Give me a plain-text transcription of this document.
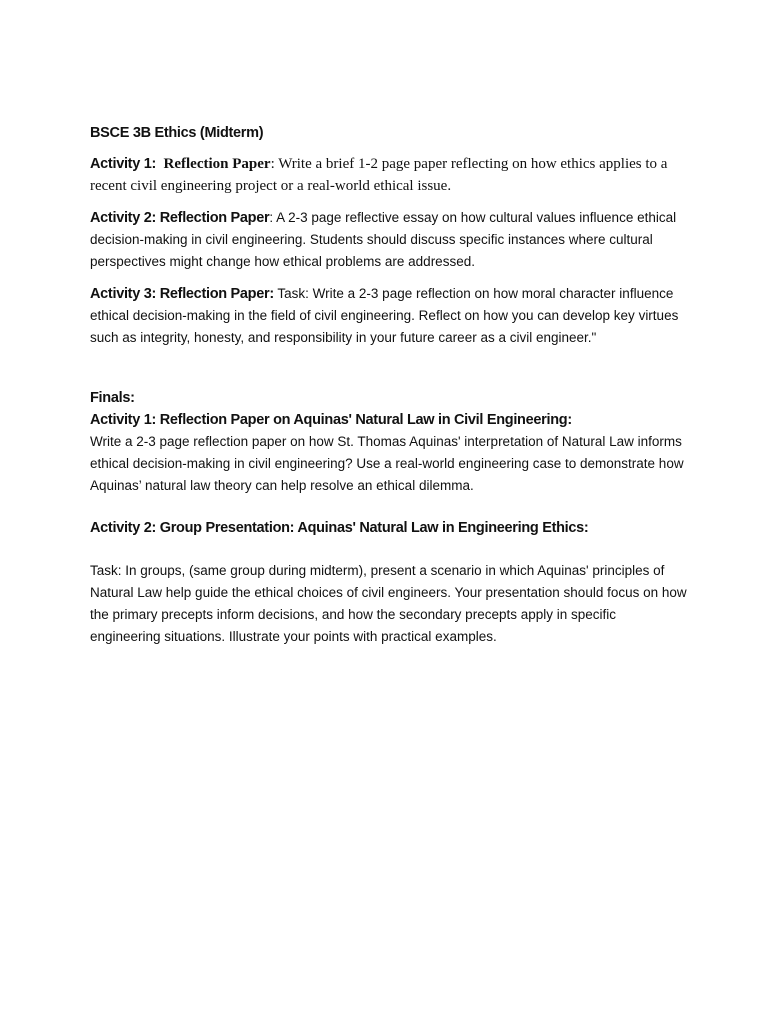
BSCE 3B Ethics (Midterm)

Activity 1: Reflection Paper: Write a brief 1-2 page paper reflecting on how ethics applies to a recent civil engineering project or a real-world ethical issue.

Activity 2: Reflection Paper: A 2-3 page reflective essay on how cultural values influence ethical decision-making in civil engineering. Students should discuss specific instances where cultural perspectives might change how ethical problems are addressed.

Activity 3: Reflection Paper: Task: Write a 2-3 page reflection on how moral character influence ethical decision-making in the field of civil engineering. Reflect on how you can develop key virtues such as integrity, honesty, and responsibility in your future career as a civil engineer."

Finals:

Activity 1: Reflection Paper on Aquinas' Natural Law in Civil Engineering:

Write a 2-3 page reflection paper on how St. Thomas Aquinas' interpretation of Natural Law informs ethical decision-making in civil engineering? Use a real-world engineering case to demonstrate how Aquinas’ natural law theory can help resolve an ethical dilemma.

Activity 2: Group Presentation: Aquinas' Natural Law in Engineering Ethics:

Task: In groups, (same group during midterm), present a scenario in which Aquinas' principles of Natural Law help guide the ethical choices of civil engineers. Your presentation should focus on how the primary precepts inform decisions, and how the secondary precepts apply in specific engineering situations. Illustrate your points with practical examples.
